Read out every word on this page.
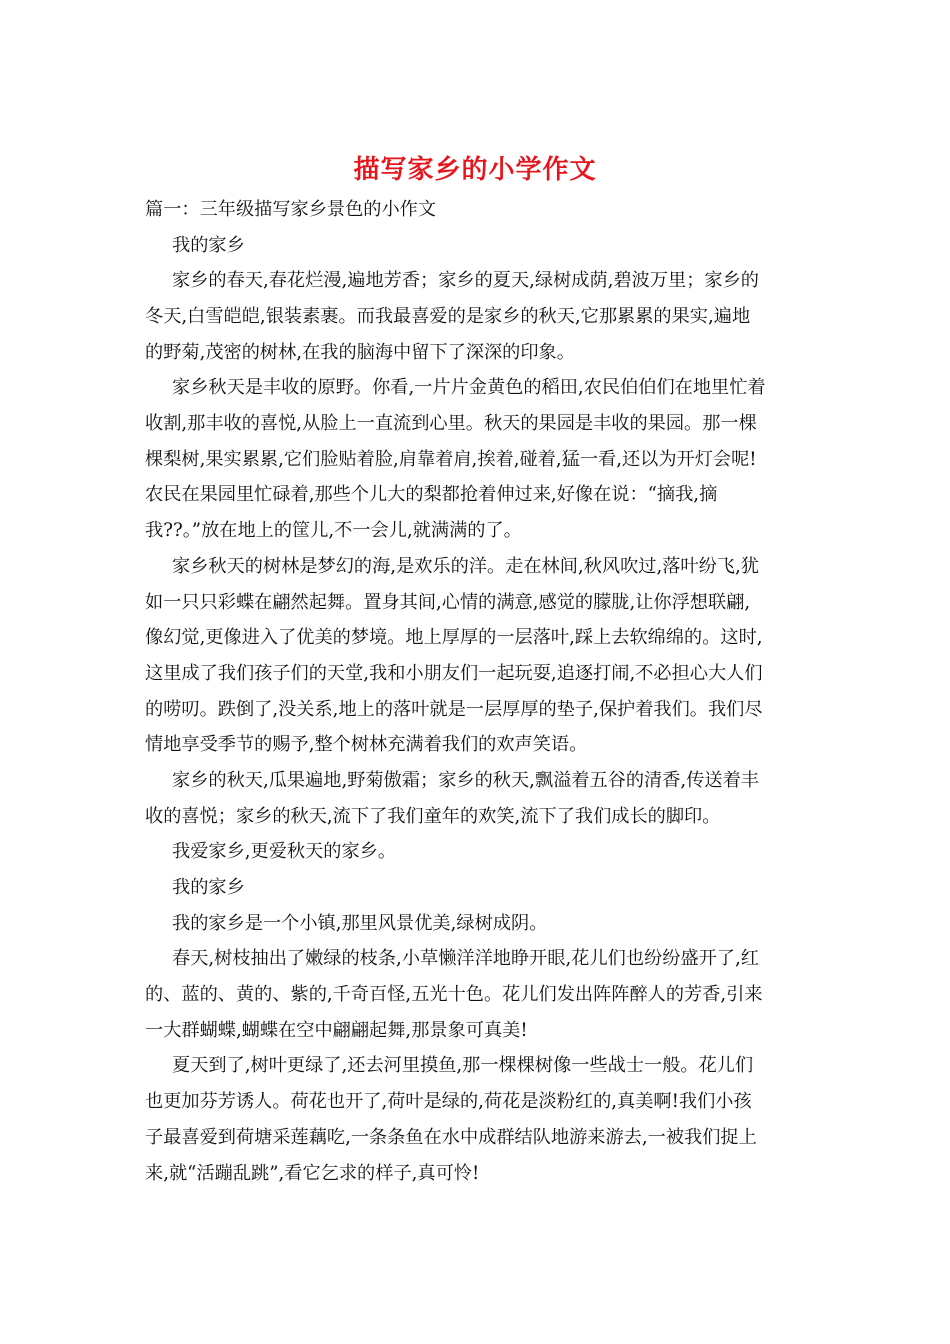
描写家乡的小学作文

篇一：三年级描写家乡景色的小作文

我的家乡

家乡的春天,春花烂漫,遍地芳香；家乡的夏天,绿树成荫,碧波万里；家乡的

冬天,白雪皑皑,银装素裹。而我最喜爱的是家乡的秋天,它那累累的果实,遍地

的野菊,茂密的树林,在我的脑海中留下了深深的印象。

家乡秋天是丰收的原野。你看,一片片金黄色的稻田,农民伯伯们在地里忙着

收割,那丰收的喜悦,从脸上一直流到心里。秋天的果园是丰收的果园。那一棵

棵梨树,果实累累,它们脸贴着脸,肩靠着肩,挨着,碰着,猛一看,还以为开灯会呢!

农民在果园里忙碌着,那些个儿大的梨都抢着伸过来,好像在说：“摘我,摘

我??。”放在地上的筐儿,不一会儿,就满满的了。

家乡秋天的树林是梦幻的海,是欢乐的洋。走在林间,秋风吹过,落叶纷飞,犹

如一只只彩蝶在翩然起舞。置身其间,心情的满意,感觉的朦胧,让你浮想联翩,

像幻觉,更像进入了优美的梦境。地上厚厚的一层落叶,踩上去软绵绵的。这时,

这里成了我们孩子们的天堂,我和小朋友们一起玩耍,追逐打闹,不必担心大人们

的唠叨。跌倒了,没关系,地上的落叶就是一层厚厚的垫子,保护着我们。我们尽

情地享受季节的赐予,整个树林充满着我们的欢声笑语。

家乡的秋天,瓜果遍地,野菊傲霜；家乡的秋天,飘溢着五谷的清香,传送着丰

收的喜悦；家乡的秋天,流下了我们童年的欢笑,流下了我们成长的脚印。

我爱家乡,更爱秋天的家乡。

我的家乡

我的家乡是一个小镇,那里风景优美,绿树成阴。

春天,树枝抽出了嫩绿的枝条,小草懒洋洋地睁开眼,花儿们也纷纷盛开了,红

的、蓝的、黄的、紫的,千奇百怪,五光十色。花儿们发出阵阵醉人的芳香,引来

一大群蝴蝶,蝴蝶在空中翩翩起舞,那景象可真美!

夏天到了,树叶更绿了,还去河里摸鱼,那一棵棵树像一些战士一般。花儿们

也更加芬芳诱人。荷花也开了,荷叶是绿的,荷花是淡粉红的,真美啊!我们小孩

子最喜爱到荷塘采莲藕吃,一条条鱼在水中成群结队地游来游去,一被我们捉上

来,就“活蹦乱跳”,看它乞求的样子,真可怜!
